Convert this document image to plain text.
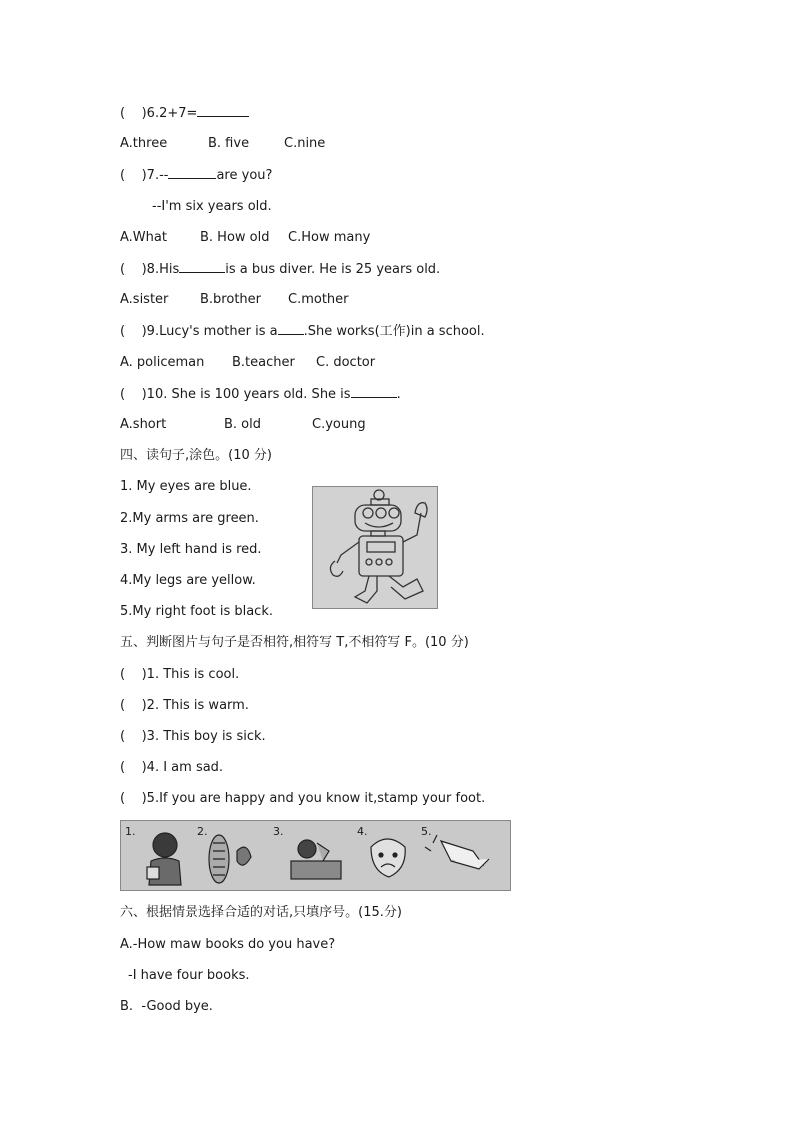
( )6.2+7=
A.three	B. five	C.nine
( )7.--	are you?
--I'm six years old.
A.What	B. How old C.How many
( )8.His	is a bus diver. He is 25 years old.
A.sister B.brother C.mother
( )9.Lucy's mother is a .She works(工作)in a school.
A. policeman B.teacher C. doctor
( )10. She is 100 years old. She is	.
A.short	B. old	C.young
四、读句子,涂色。(10 分)
1. My eyes are blue.
2.My arms are green.
3. My left hand is red.
4.My legs are yellow.
5.My right foot is black.
五、判断图片与句子是否相符,相符写 T,不相符写 F。(10 分)
( )1. This is cool.
( )2. This is warm.
( )3. This boy is sick.
( )4. I am sad.
( )5.If you are happy and you know it,stamp your foot.
1.	2.	3.	4.	5.
六、根据情景选择合适的对话,只填序号。(15.分)
A.-How maw books do you have?
-I have four books.
B.  -Good bye.
